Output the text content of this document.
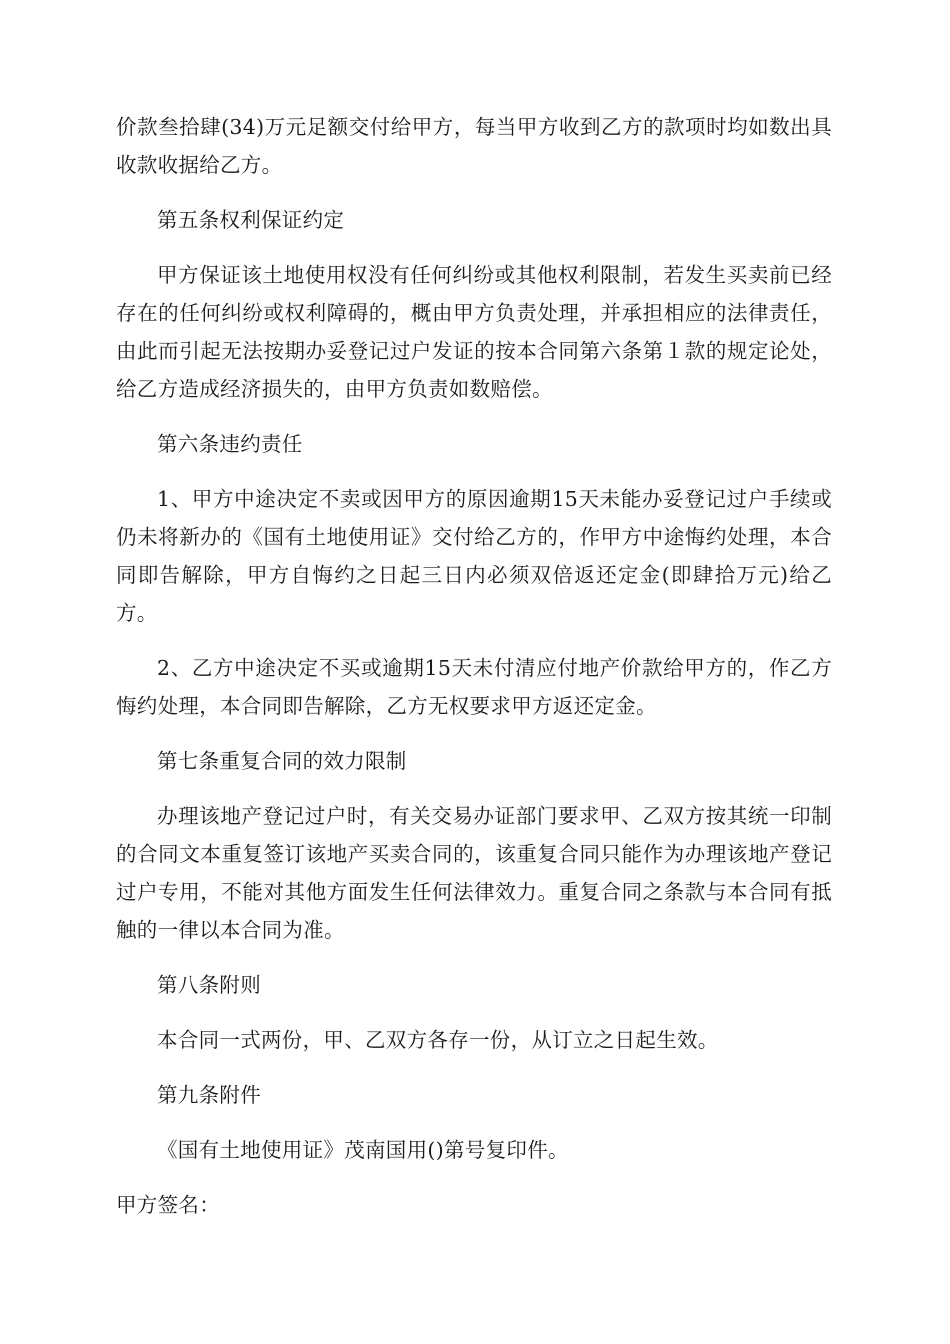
价款叁拾肆(34)万元足额交付给甲方，每当甲方收到乙方的款项时均如数出具收款收据给乙方。

第五条权利保证约定

甲方保证该土地使用权没有任何纠纷或其他权利限制，若发生买卖前已经存在的任何纠纷或权利障碍的，概由甲方负责处理，并承担相应的法律责任，由此而引起无法按期办妥登记过户发证的按本合同第六条第１款的规定论处，给乙方造成经济损失的，由甲方负责如数赔偿。

第六条违约责任

1、甲方中途决定不卖或因甲方的原因逾期15天未能办妥登记过户手续或仍未将新办的《国有土地使用证》交付给乙方的，作甲方中途悔约处理，本合同即告解除，甲方自悔约之日起三日内必须双倍返还定金(即肆拾万元)给乙方。

2、乙方中途决定不买或逾期15天未付清应付地产价款给甲方的，作乙方悔约处理，本合同即告解除，乙方无权要求甲方返还定金。

第七条重复合同的效力限制

办理该地产登记过户时，有关交易办证部门要求甲、乙双方按其统一印制的合同文本重复签订该地产买卖合同的，该重复合同只能作为办理该地产登记过户专用，不能对其他方面发生任何法律效力。重复合同之条款与本合同有抵触的一律以本合同为准。

第八条附则

本合同一式两份，甲、乙双方各存一份，从订立之日起生效。

第九条附件

《国有土地使用证》茂南国用()第号复印件。

甲方签名：
